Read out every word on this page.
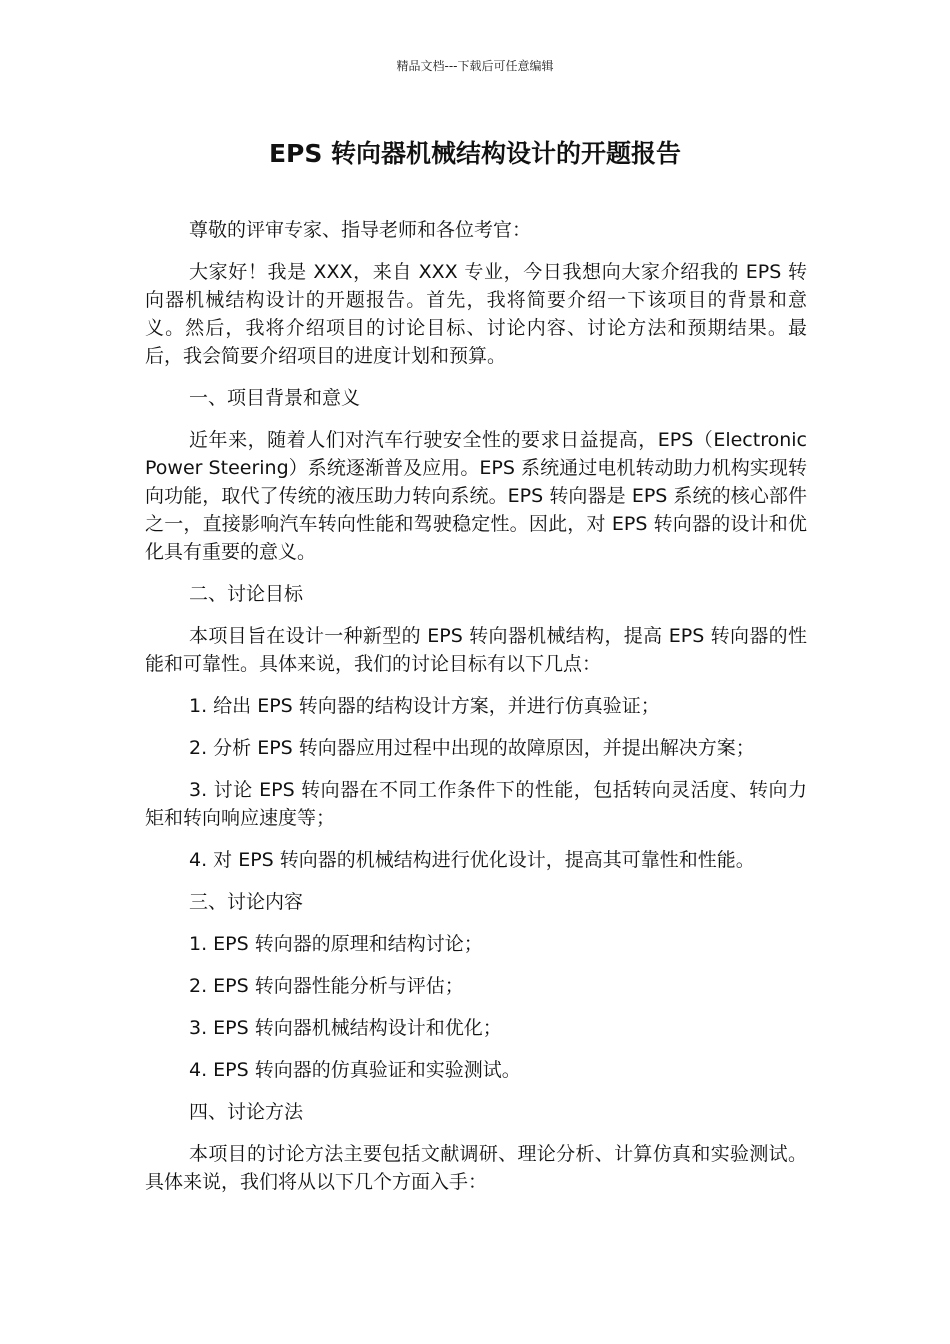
精品文档---下载后可任意编辑
EPS 转向器机械结构设计的开题报告

尊敬的评审专家、指导老师和各位考官：

大家好！我是 XXX，来自 XXX 专业，今日我想向大家介绍我的 EPS 转向器机械结构设计的开题报告。首先，我将简要介绍一下该项目的背景和意义。然后，我将介绍项目的讨论目标、讨论内容、讨论方法和预期结果。最后，我会简要介绍项目的进度计划和预算。

一、项目背景和意义

近年来，随着人们对汽车行驶安全性的要求日益提高，EPS（Electronic Power Steering）系统逐渐普及应用。EPS 系统通过电机转动助力机构实现转向功能，取代了传统的液压助力转向系统。EPS 转向器是 EPS 系统的核心部件之一，直接影响汽车转向性能和驾驶稳定性。因此，对 EPS 转向器的设计和优化具有重要的意义。

二、讨论目标

本项目旨在设计一种新型的 EPS 转向器机械结构，提高 EPS 转向器的性能和可靠性。具体来说，我们的讨论目标有以下几点：

1. 给出 EPS 转向器的结构设计方案，并进行仿真验证；

2. 分析 EPS 转向器应用过程中出现的故障原因，并提出解决方案；

3. 讨论 EPS 转向器在不同工作条件下的性能，包括转向灵活度、转向力矩和转向响应速度等；

4. 对 EPS 转向器的机械结构进行优化设计，提高其可靠性和性能。

三、讨论内容

1. EPS 转向器的原理和结构讨论；

2. EPS 转向器性能分析与评估；

3. EPS 转向器机械结构设计和优化；

4. EPS 转向器的仿真验证和实验测试。

四、讨论方法

本项目的讨论方法主要包括文献调研、理论分析、计算仿真和实验测试。具体来说，我们将从以下几个方面入手：
